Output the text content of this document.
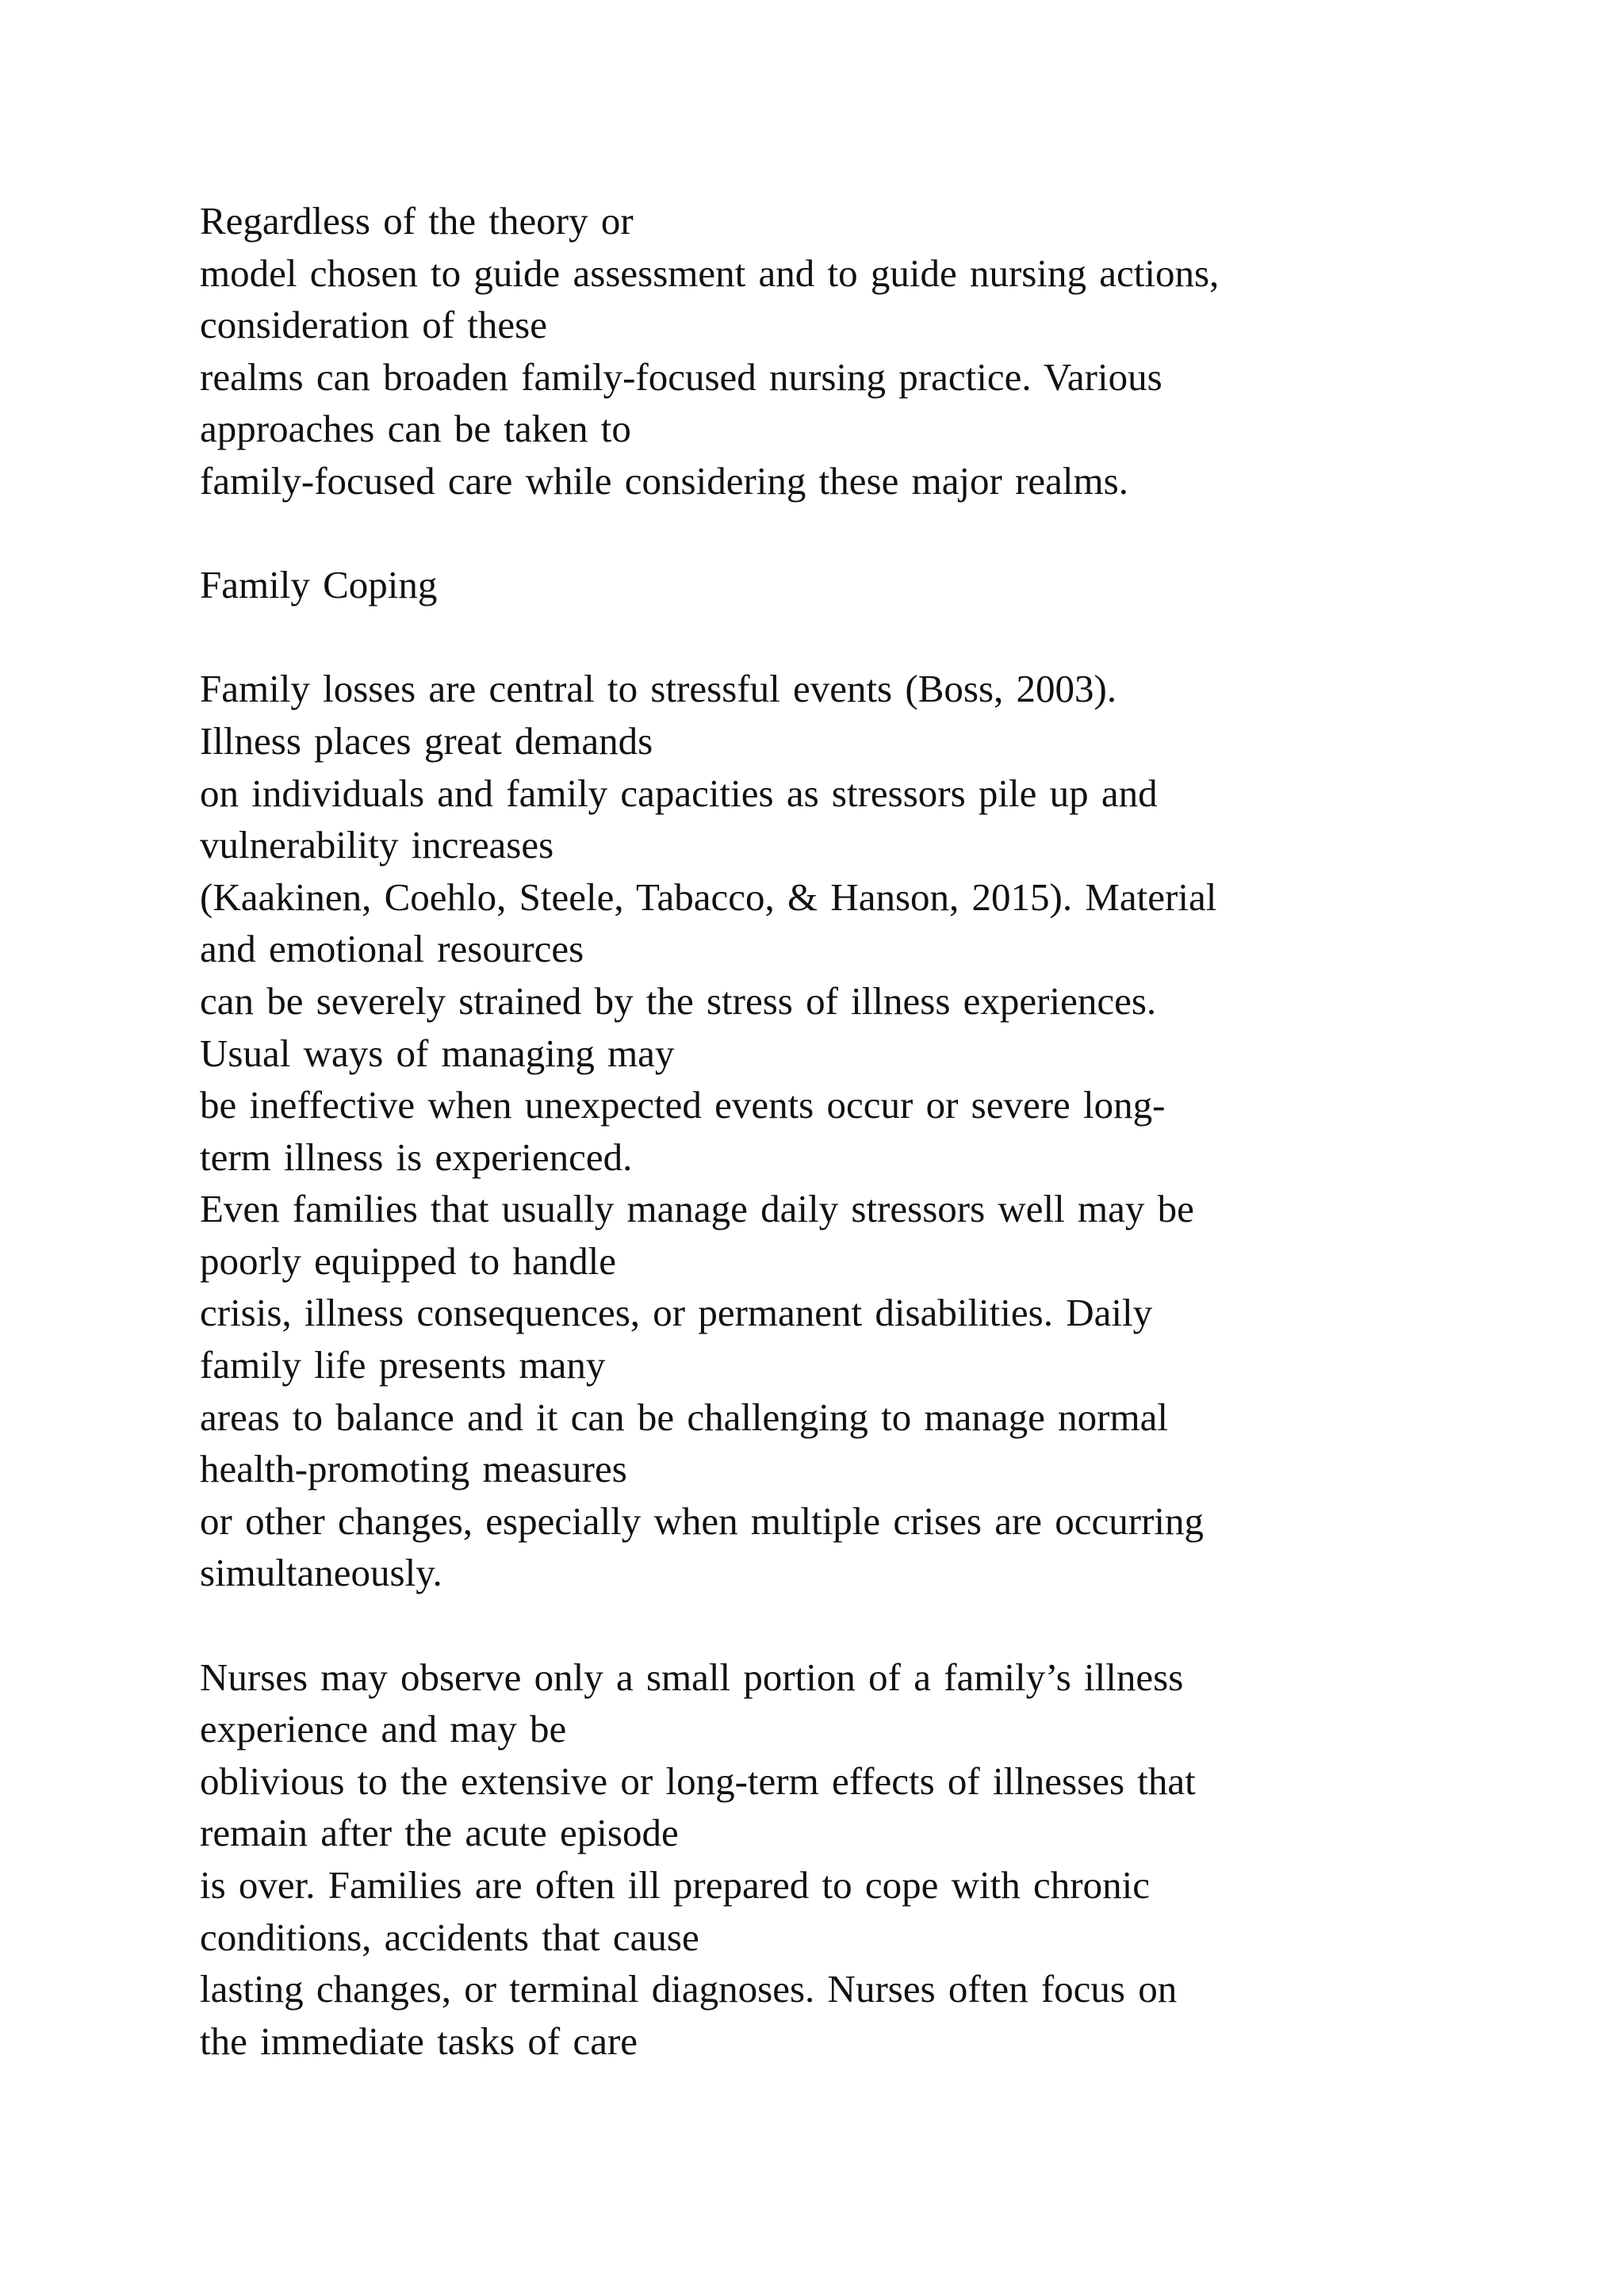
Regardless of the theory or
model chosen to guide assessment and to guide nursing actions,
consideration of these
realms can broaden family-focused nursing practice. Various
approaches can be taken to
family-focused care while considering these major realms.
Family Coping
Family losses are central to stressful events (Boss, 2003).
Illness places great demands
on individuals and family capacities as stressors pile up and
vulnerability increases
(Kaakinen, Coehlo, Steele, Tabacco, & Hanson, 2015). Material
and emotional resources
can be severely strained by the stress of illness experiences.
Usual ways of managing may
be ineffective when unexpected events occur or severe long-
term illness is experienced.
Even families that usually manage daily stressors well may be
poorly equipped to handle
crisis, illness consequences, or permanent disabilities. Daily
family life presents many
areas to balance and it can be challenging to manage normal
health-promoting measures
or other changes, especially when multiple crises are occurring
simultaneously.
Nurses may observe only a small portion of a family’s illness
experience and may be
oblivious to the extensive or long-term effects of illnesses that
remain after the acute episode
is over. Families are often ill prepared to cope with chronic
conditions, accidents that cause
lasting changes, or terminal diagnoses. Nurses often focus on
the immediate tasks of care
